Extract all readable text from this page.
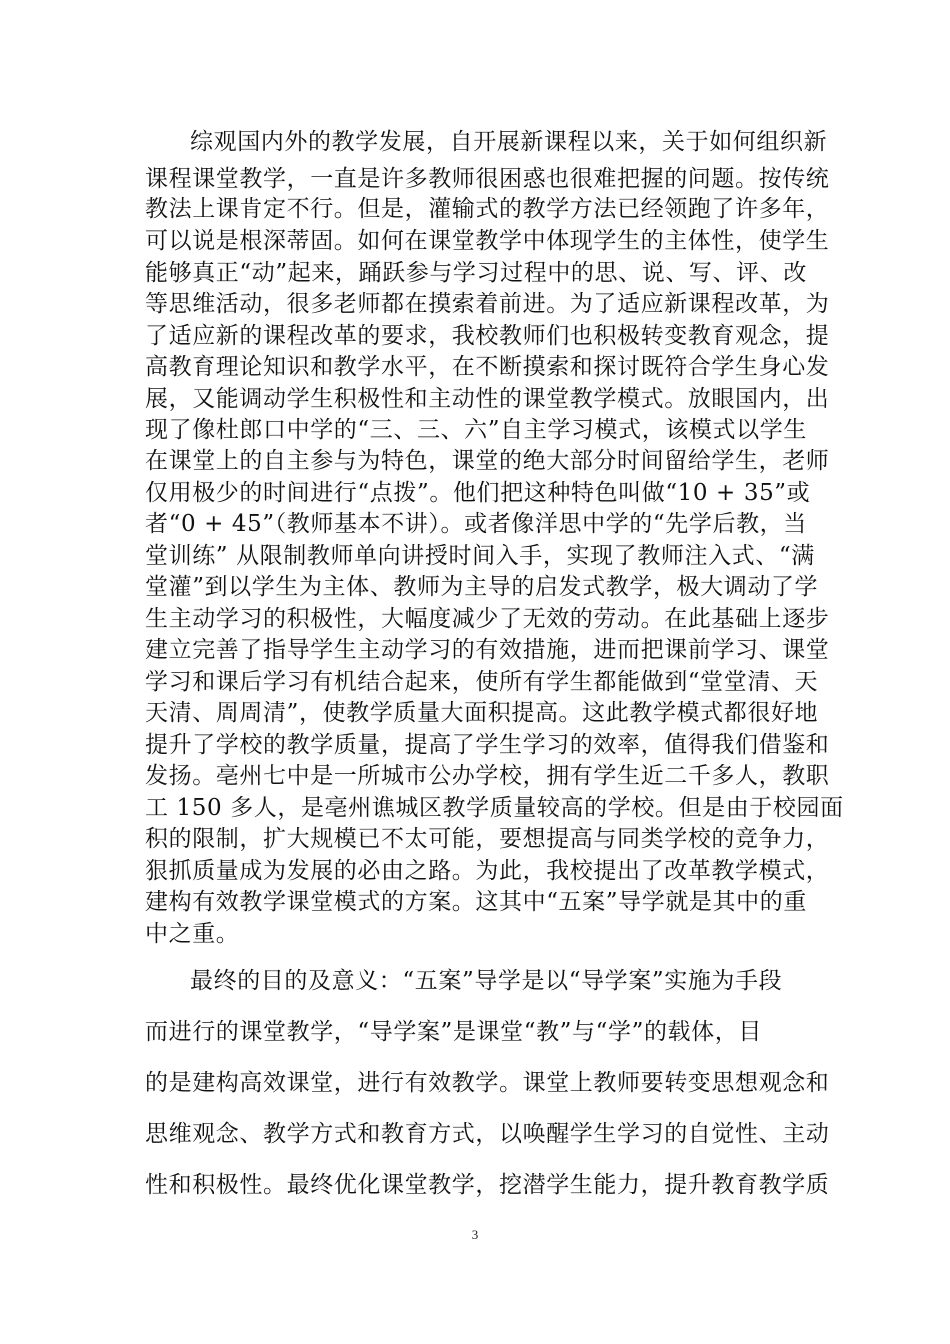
综观国内外的教学发展，自开展新课程以来，关于如何组织新
课程课堂教学，一直是许多教师很困惑也很难把握的问题。按传统
教法上课肯定不行。但是，灌输式的教学方法已经领跑了许多年，
可以说是根深蒂固。如何在课堂教学中体现学生的主体性，使学生
能够真正“动”起来，踊跃参与学习过程中的思、说、写、评、改
等思维活动，很多老师都在摸索着前进。为了适应新课程改革，为
了适应新的课程改革的要求，我校教师们也积极转变教育观念，提
高教育理论知识和教学水平，在不断摸索和探讨既符合学生身心发
展，又能调动学生积极性和主动性的课堂教学模式。放眼国内，出
现了像杜郎口中学的“三、三、六”自主学习模式，该模式以学生
在课堂上的自主参与为特色，课堂的绝大部分时间留给学生，老师
仅用极少的时间进行“点拨”。他们把这种特色叫做“10 + 35”或
者“0 + 45”（教师基本不讲）。或者像洋思中学的“先学后教，当
堂训练” 从限制教师单向讲授时间入手，实现了教师注入式、“满
堂灌”到以学生为主体、教师为主导的启发式教学，极大调动了学
生主动学习的积极性，大幅度减少了无效的劳动。在此基础上逐步
建立完善了指导学生主动学习的有效措施，进而把课前学习、课堂
学习和课后学习有机结合起来，使所有学生都能做到“堂堂清、天
天清、周周清”，使教学质量大面积提高。这此教学模式都很好地
提升了学校的教学质量，提高了学生学习的效率，值得我们借鉴和
发扬。亳州七中是一所城市公办学校，拥有学生近二千多人，教职
工 150 多人，是亳州谯城区教学质量较高的学校。但是由于校园面
积的限制，扩大规模已不太可能，要想提高与同类学校的竞争力，
狠抓质量成为发展的必由之路。为此，我校提出了改革教学模式，
建构有效教学课堂模式的方案。这其中“五案”导学就是其中的重
中之重。
最终的目的及意义：“五案”导学是以“导学案”实施为手段
而进行的课堂教学，“导学案”是课堂“教”与“学”的载体，目
的是建构高效课堂，进行有效教学。课堂上教师要转变思想观念和
思维观念、教学方式和教育方式，以唤醒学生学习的自觉性、主动
性和积极性。最终优化课堂教学，挖潜学生能力，提升教育教学质
3
